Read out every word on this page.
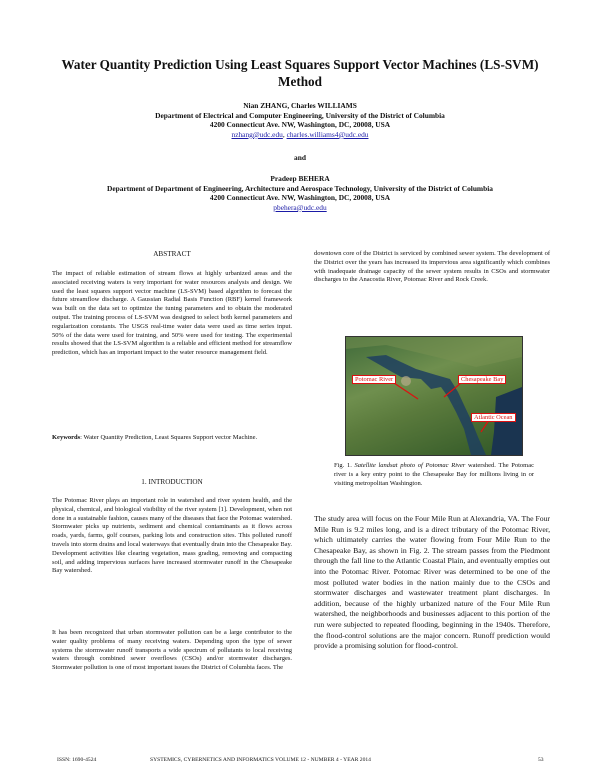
Water Quantity Prediction Using Least Squares Support Vector Machines (LS-SVM) Method
Nian ZHANG, Charles WILLIAMS
Department of Electrical and Computer Engineering, University of the District of Columbia
4200 Connecticut Ave. NW, Washington, DC, 20008, USA
nzhang@udc.edu, charles.williams4@udc.edu
and
Pradeep BEHERA
Department of Department of Engineering, Architecture and Aerospace Technology, University of the District of Columbia
4200 Connecticut Ave. NW, Washington, DC, 20008, USA
pbehera@udc.edu
ABSTRACT
The impact of reliable estimation of stream flows at highly urbanized areas and the associated receiving waters is very important for water resources analysis and design. We used the least squares support vector machine (LS-SVM) based algorithm to forecast the future streamflow discharge. A Gaussian Radial Basis Function (RBF) kernel framework was built on the data set to optimize the tuning parameters and to obtain the moderated output. The training process of LS-SVM was designed to select both kernel parameters and regularization constants. The USGS real-time water data were used as time series input. 50% of the data were used for training, and 50% were used for testing. The experimental results showed that the LS-SVM algorithm is a reliable and efficient method for streamflow prediction, which has an important impact to the water resource management field.
Keywords: Water Quantity Prediction, Least Squares Support vector Machine.
1. INTRODUCTION
The Potomac River plays an important role in watershed and river system health, and the physical, chemical, and biological visibility of the river system [1]. Development, when not done in a sustainable fashion, causes many of the diseases that face the Potomac watershed. Stormwater picks up nutrients, sediment and chemical contaminants as it flows across roads, yards, farms, golf courses, parking lots and construction sites. This polluted runoff travels into storm drains and local waterways that eventually drain into the Chesapeake Bay. Development activities like clearing vegetation, mass grading, removing and compacting soil, and adding impervious surfaces have increased stormwater runoff in the Chesapeake Bay watershed.
It has been recognized that urban stormwater pollution can be a large contributor to the water quality problems of many receiving waters. Depending upon the type of sewer systems the stormwater runoff transports a wide spectrum of pollutants to local receiving waters through combined sewer overflows (CSOs) and/or stormwater discharges. Stormwater pollution is one of most important issues the District of Columbia faces. The
downtown core of the District is serviced by combined sewer system. The development of the District over the years has increased its impervious area significantly which combines with inadequate drainage capacity of the sewer system results in CSOs and stormwater discharges to the Anacostia River, Potomac River and Rock Creek.
Potomac River	Chesapeake Bay
Atlantic Ocean
Fig. 1. Satellite landsat photo of Potomac River watershed. The Potomac river is a key entry point to the Chesapeake Bay for millions living in or visiting metropolitan Washington.
The study area will focus on the Four Mile Run at Alexandria, VA. The Four Mile Run is 9.2 miles long, and is a direct tributary of the Potomac River, which ultimately carries the water flowing from Four Mile Run to the Chesapeake Bay, as shown in Fig. 2. The stream passes from the Piedmont through the fall line to the Atlantic Coastal Plain, and eventually empties out into the Potomac River. Potomac River was determined to be one of the most polluted water bodies in the nation mainly due to the CSOs and stormwater discharges and wastewater treatment plant discharges. In addition, because of the highly urbanized nature of the Four Mile Run watershed, the neighborhoods and businesses adjacent to this portion of the run were subjected to repeated flooding, beginning in the 1940s. Therefore, the flood-control solutions are the major concern. Runoff prediction would provide a promising solution for flood-control.
ISSN: 1690-4524	SYSTEMICS, CYBERNETICS AND INFORMATICS VOLUME 12 - NUMBER 4 - YEAR 2014	53
